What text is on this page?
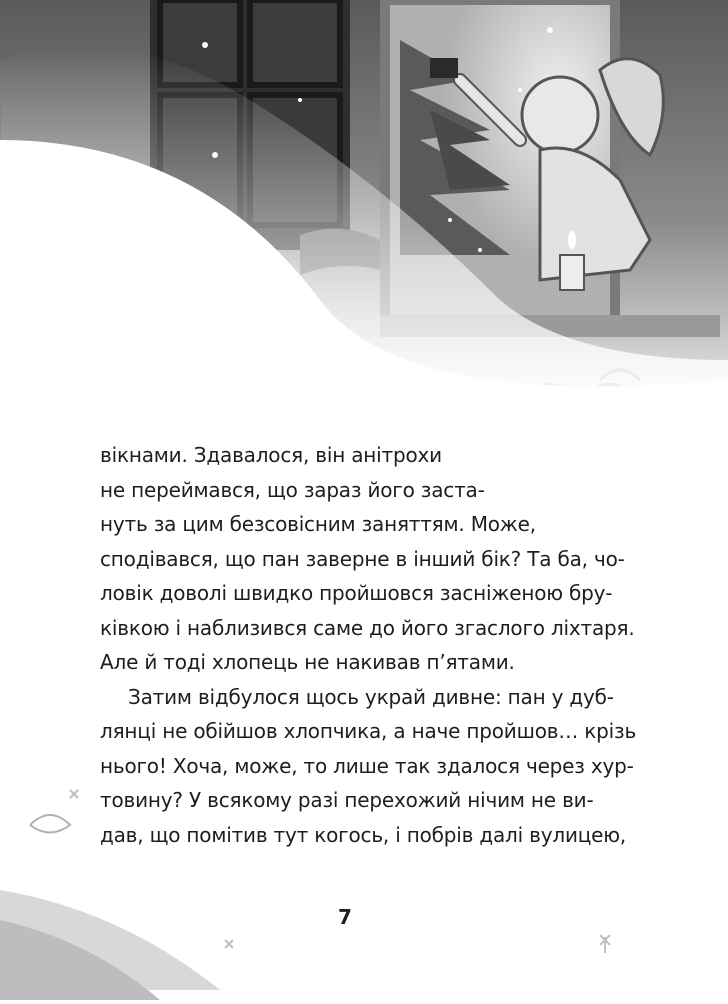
вікнами. Здавалося, він анітрохи
не переймався, що зараз його заста-
нуть за цим безсовісним заняттям. Може,
сподівався, що пан заверне в інший бік? Та ба, чо-
ловік доволі швидко пройшовся засніженою бру-
ківкою і наблизився саме до його згаслого ліхтаря.
Але й тоді хлопець не накивав п’ятами.

Затим відбулося щось украй дивне: пан у дуб-
лянці не обійшов хлопчика, а наче пройшов… крізь
нього! Хоча, може, то лише так здалося через хур-
товину? У всякому разі перехожий нічим не ви-
дав, що помітив тут когось, і побрів далі вулицею,

7
